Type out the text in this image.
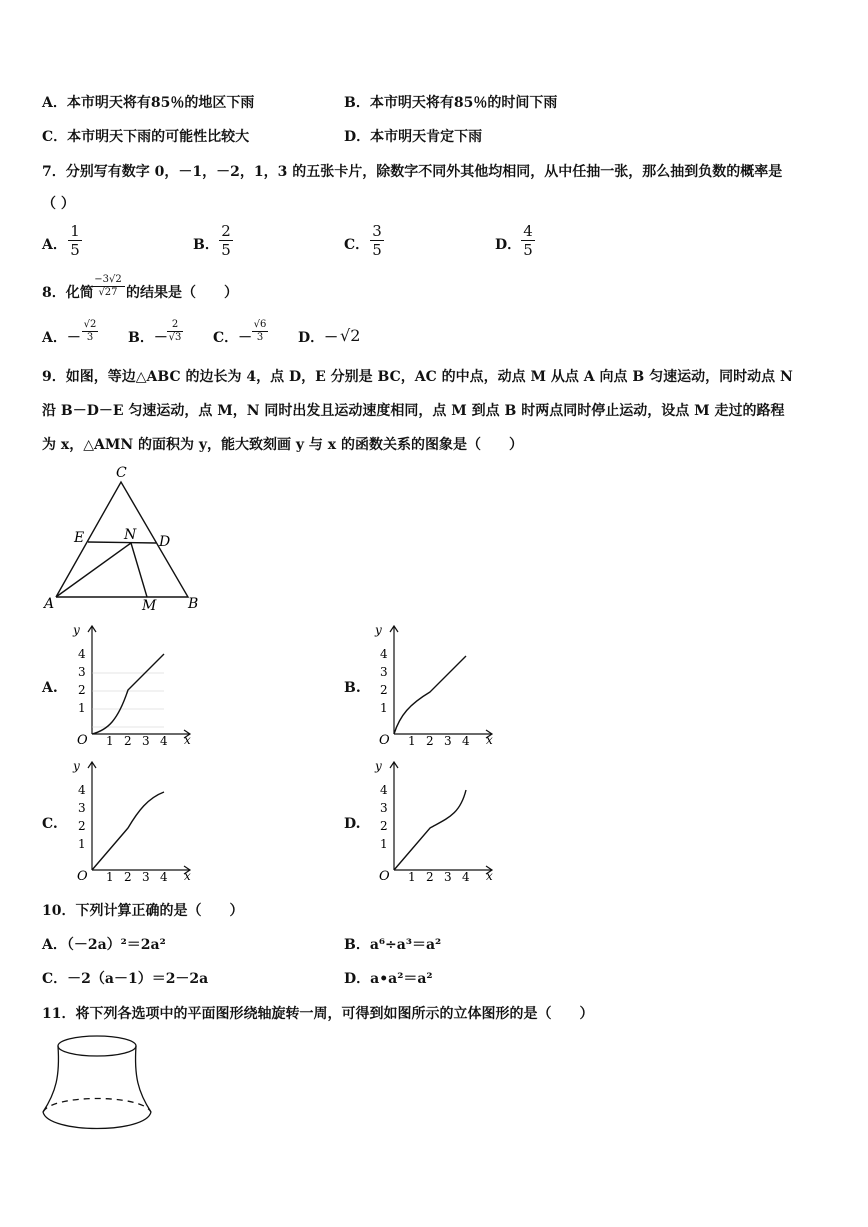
A．本市明天将有85％的地区下雨	B．本市明天将有85％的时间下雨
C．本市明天下雨的可能性比较大	D．本市明天肯定下雨
7．分别写有数字 0，－1，－2，1，3 的五张卡片，除数字不同外其他均相同，从中任抽一张，那么抽到负数的概率是
（ ）
A． $\frac{1}{5}$	B． $\frac{2}{5}$	C． $\frac{3}{5}$	D． $\frac{4}{5}$
8．化简
$\frac{-3√2}{√27}$ 的结果是（　　）
A．－ $\frac{√2}{3}$ B．－ $\frac{2}{√3}$ C．－ $\frac{√6}{3}$ D．－ √2
9．如图，等边△ABC 的边长为 4，点 D，E 分别是 BC，AC 的中点，动点 M 从点 A 向点 B 匀速运动，同时动点 N
沿 B－D－E 匀速运动，点 M，N 同时出发且运动速度相同，点 M 到点 B 时两点同时停止运动，设点 M 走过的路程
为 x，△AMN 的面积为 y，能大致刻画 y 与 x 的函数关系的图象是（　　）
C
E	N D
A	M B
A.	B.
C.	D.
y
O	x
1 2 3 4
1
2
3
4
y
O	x
1 2 3 4
1
2
3
4
y
O	x
1 2 3 4
1
2
3
4
y
O	x
1 2 3 4
1
2
3
4
10．下列计算正确的是（　　）
A．（－2a）²＝2a²	B．a⁶÷a³＝a²
C．－2（a－1）＝2－2a	D．a•a²＝a²
11．将下列各选项中的平面图形绕轴旋转一周，可得到如图所示的立体图形的是（　　）
